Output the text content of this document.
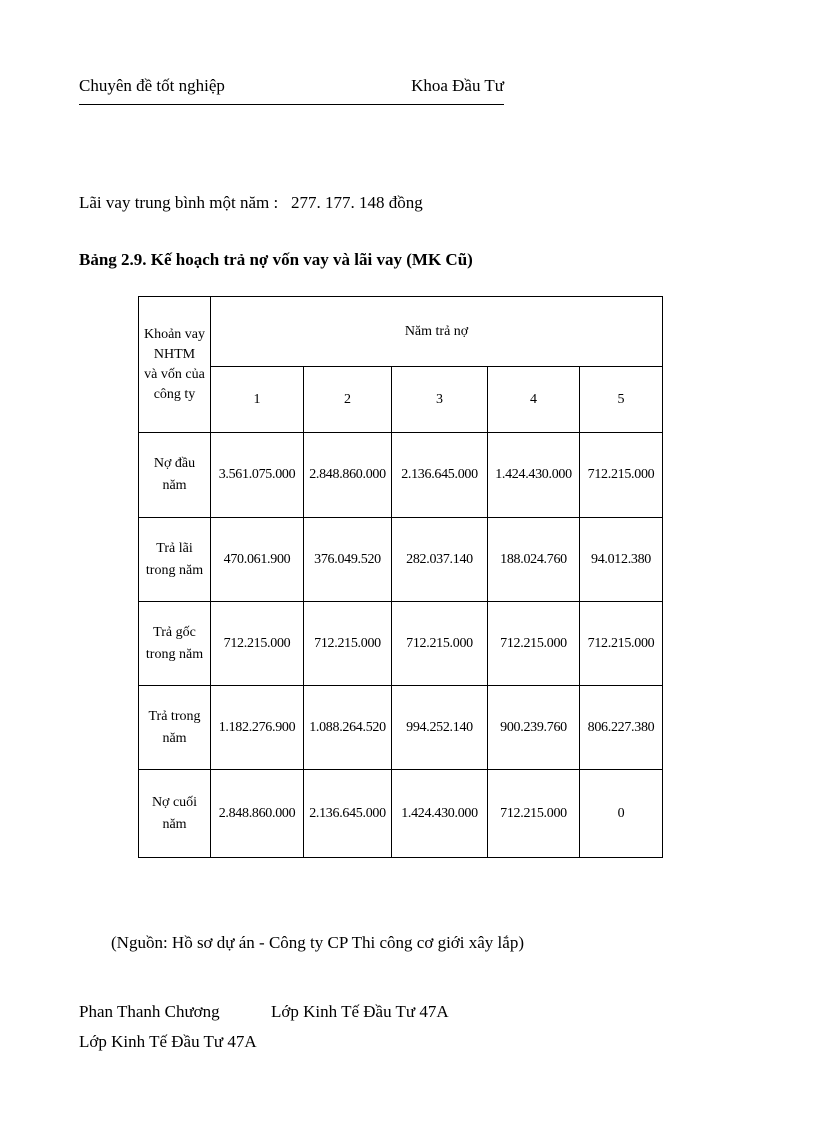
Chuyên đề tốt nghiệp	Khoa Đầu Tư
Lãi vay trung bình một năm : 277. 177. 148 đồng
Bảng 2.9. Kế hoạch trả nợ vốn vay và lãi vay (MK Cũ)
Khoản vay
NHTM
và vốn của
công ty	Năm trả nợ				
	1	2	3	4	5

Nợ đầu
năm	3.561.075.000	2.848.860.000	2.136.645.000	1.424.430.000	712.215.000

Trả lãi
trong năm	470.061.900	376.049.520	282.037.140	188.024.760	94.012.380

Trả gốc
trong năm	712.215.000	712.215.000	712.215.000	712.215.000	712.215.000

Trả trong
năm	1.182.276.900	1.088.264.520	994.252.140	900.239.760	806.227.380

Nợ cuối
năm	2.848.860.000	2.136.645.000	1.424.430.000	712.215.000	0
(Nguồn: Hồ sơ dự án - Công ty CP Thi công cơ giới xây lắp)
Phan Thanh Chương	Lớp Kinh Tế Đầu Tư 47A
Lớp Kinh Tế Đầu Tư 47A
